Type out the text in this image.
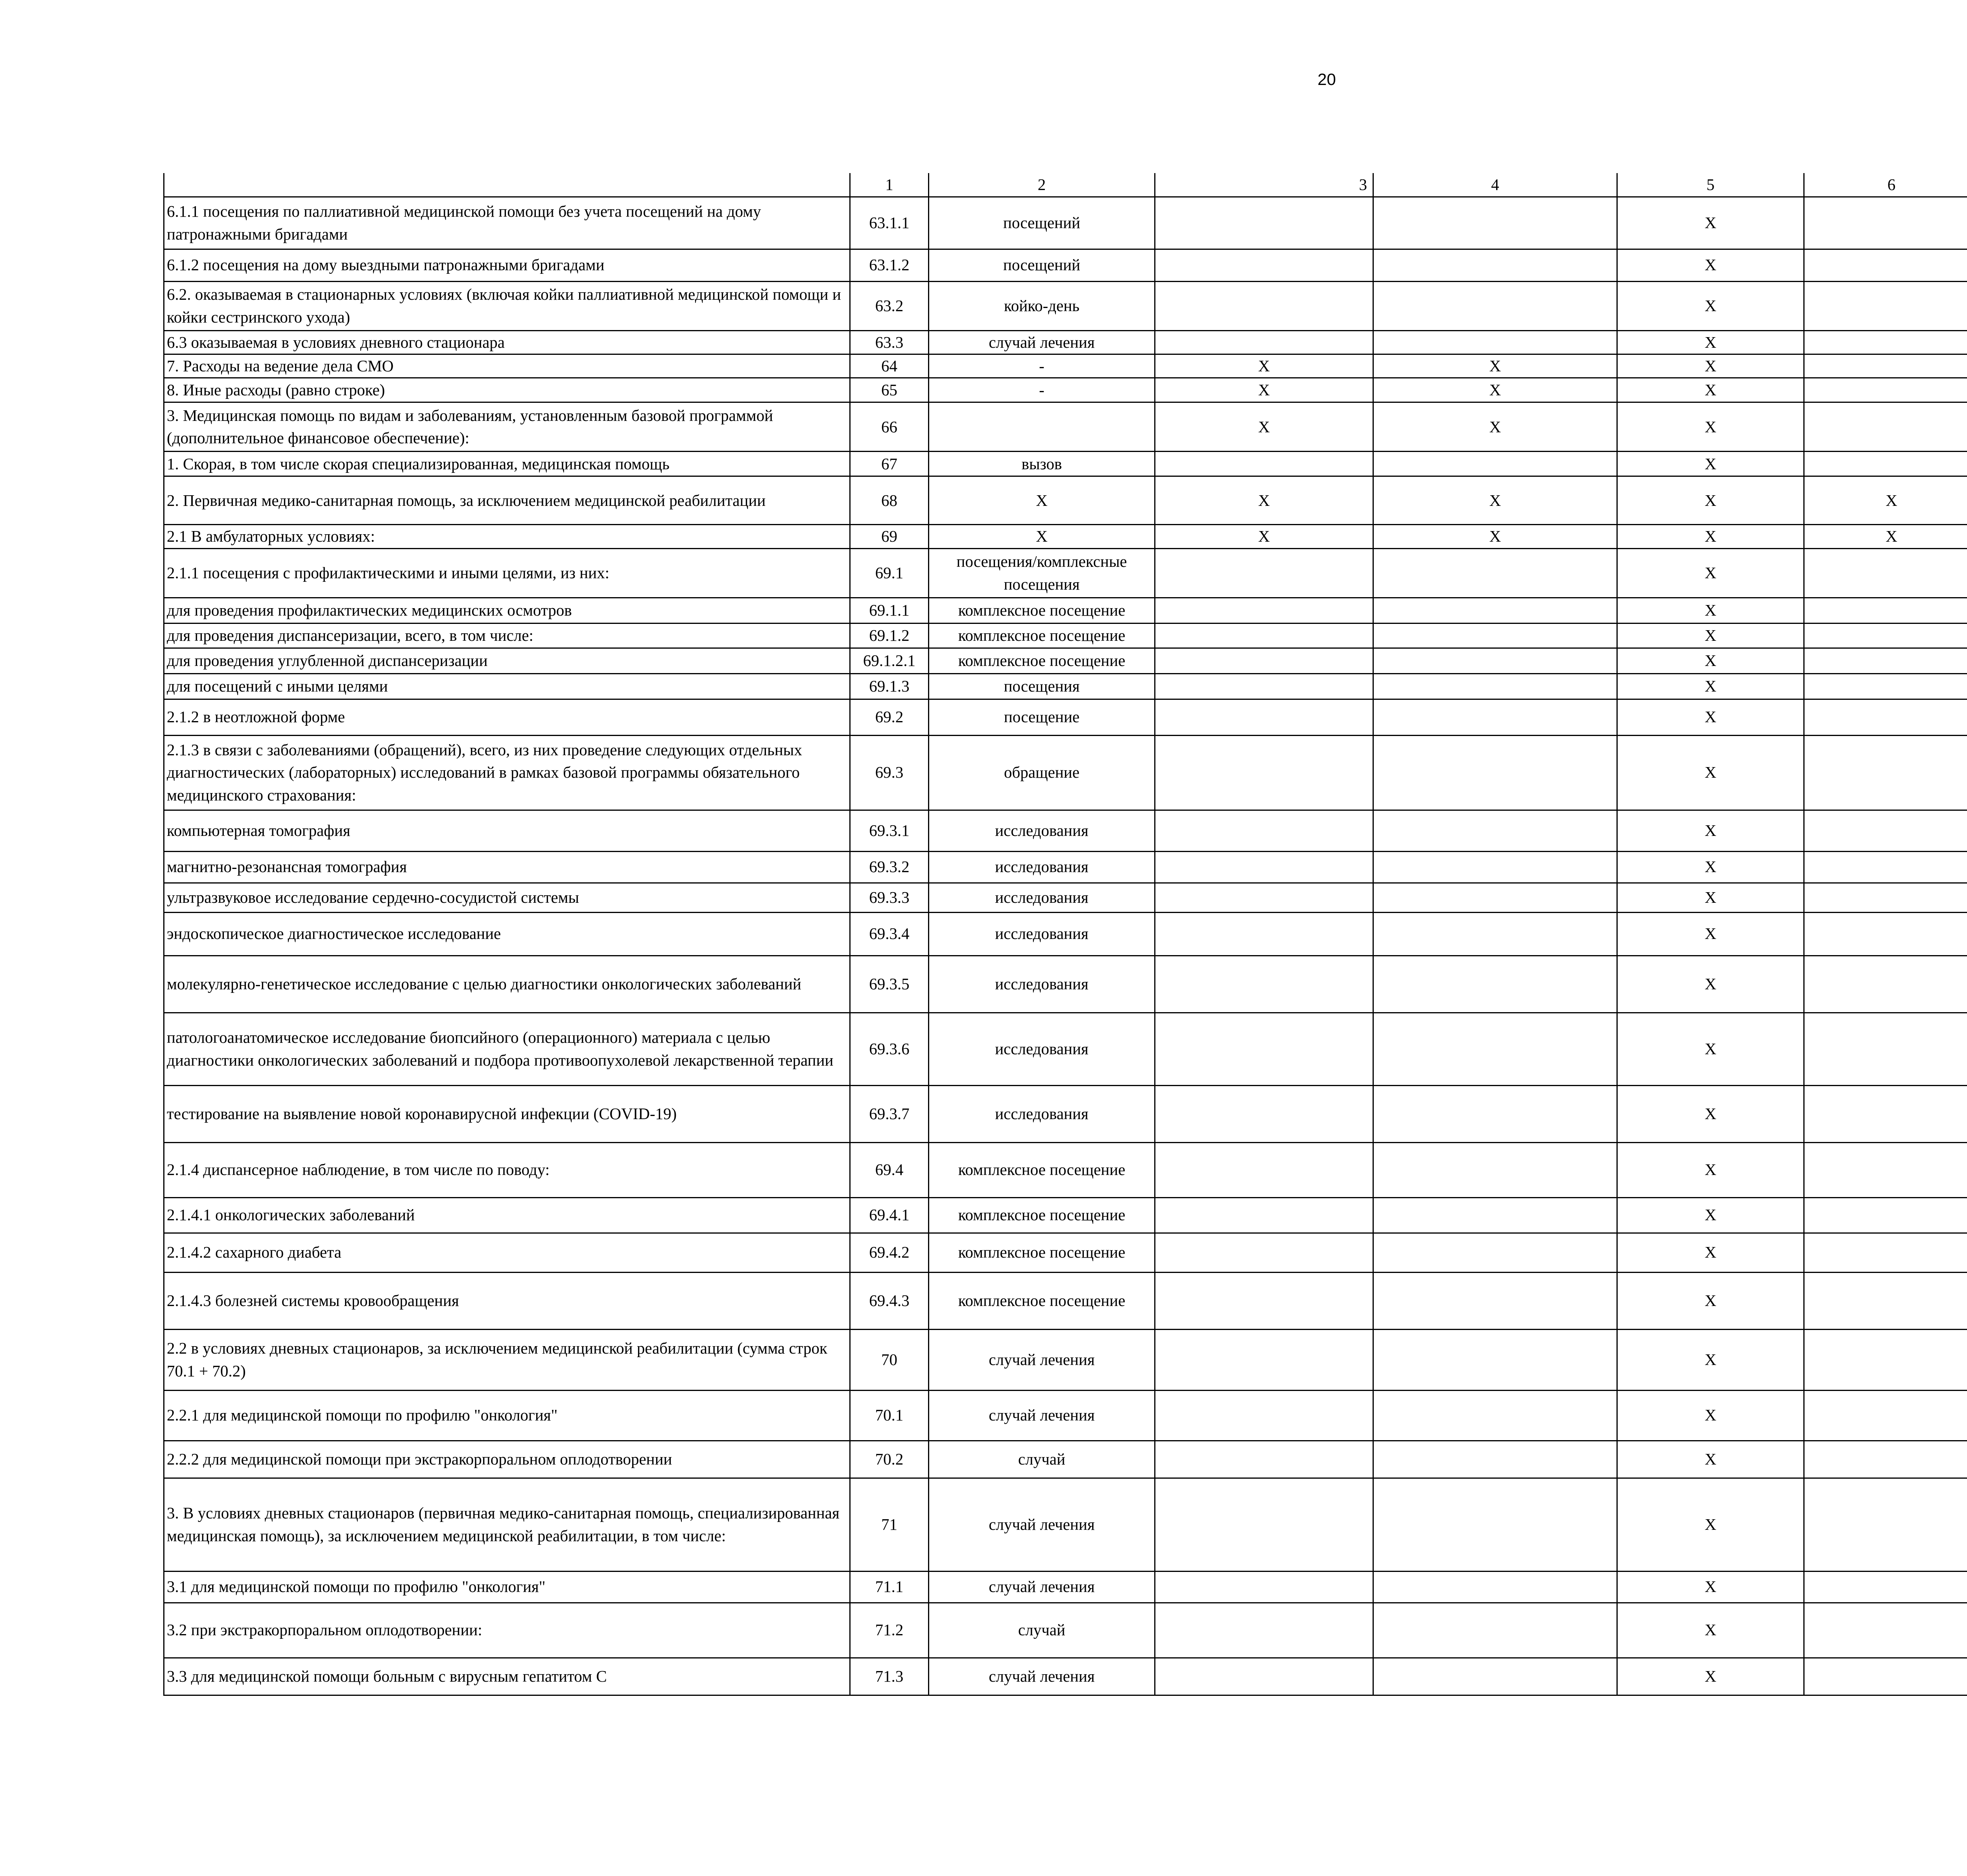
20
	1	2	3	4	5	6			
6.1.1 посещения по паллиативной медицинской помощи без учета посещений на дому патронажными бригадами	63.1.1	посещений			X				
6.1.2 посещения на дому выездными патронажными бригадами	63.1.2	посещений			X				
6.2. оказываемая в стационарных условиях (включая койки паллиативной медицинской помощи и койки сестринского ухода)	63.2	койко-день			X				
6.3 оказываемая в условиях дневного стационара	63.3	случай лечения			X				
7. Расходы на ведение дела СМО	64	-	X	X	X				
8. Иные расходы (равно строке)	65	-	X	X	X				
3. Медицинская помощь по видам и заболеваниям, установленным базовой программой (дополнительное финансовое обеспечение):	66		X	X	X				
1. Скорая, в том числе скорая специализированная, медицинская помощь	67	вызов			X				
2. Первичная медико-санитарная помощь, за исключением медицинской реабилитации	68	X	X	X	X	X			
2.1 В амбулаторных условиях:	69	X	X	X	X	X			
2.1.1 посещения с профилактическими и иными целями, из них:	69.1	посещения/комплексные посещения			X				
для проведения профилактических медицинских осмотров	69.1.1	комплексное посещение			X				
для проведения диспансеризации, всего, в том числе:	69.1.2	комплексное посещение			X				
для проведения углубленной диспансеризации	69.1.2.1	комплексное посещение			X				
для посещений с иными целями	69.1.3	посещения			X				
2.1.2 в неотложной форме	69.2	посещение			X				
2.1.3 в связи с заболеваниями (обращений), всего, из них проведение следующих отдельных диагностических (лабораторных) исследований в рамках базовой программы обязательного медицинского страхования:	69.3	обращение			X				
компьютерная томография	69.3.1	исследования			X				
магнитно-резонансная томография	69.3.2	исследования			X				
ультразвуковое исследование сердечно-сосудистой системы	69.3.3	исследования			X				
эндоскопическое диагностическое исследование	69.3.4	исследования			X				
молекулярно-генетическое исследование с целью диагностики онкологических заболеваний	69.3.5	исследования			X				
патологоанатомическое исследование биопсийного (операционного) материала с целью диагностики онкологических заболеваний и подбора противоопухолевой лекарственной терапии	69.3.6	исследования			X				
тестирование на выявление новой коронавирусной инфекции (COVID-19)	69.3.7	исследования			X				
2.1.4 диспансерное наблюдение, в том числе по поводу:	69.4	комплексное посещение			X				
2.1.4.1 онкологических заболеваний	69.4.1	комплексное посещение			X				
2.1.4.2 сахарного диабета	69.4.2	комплексное посещение			X				
2.1.4.3 болезней системы кровообращения	69.4.3	комплексное посещение			X				
2.2 в условиях дневных стационаров, за исключением медицинской реабилитации (сумма строк 70.1 + 70.2)	70	случай лечения			X				
2.2.1 для медицинской помощи по профилю "онкология"	70.1	случай лечения			X				
2.2.2 для медицинской помощи при экстракорпоральном оплодотворении	70.2	случай			X				
3. В условиях дневных стационаров (первичная медико-санитарная помощь, специализированная медицинская помощь), за исключением медицинской реабилитации, в том числе:	71	случай лечения			X				
3.1 для медицинской помощи по профилю "онкология"	71.1	случай лечения			X				
3.2 при экстракорпоральном оплодотворении:	71.2	случай			X				
3.3 для медицинской помощи больным с вирусным гепатитом С	71.3	случай лечения			X				
